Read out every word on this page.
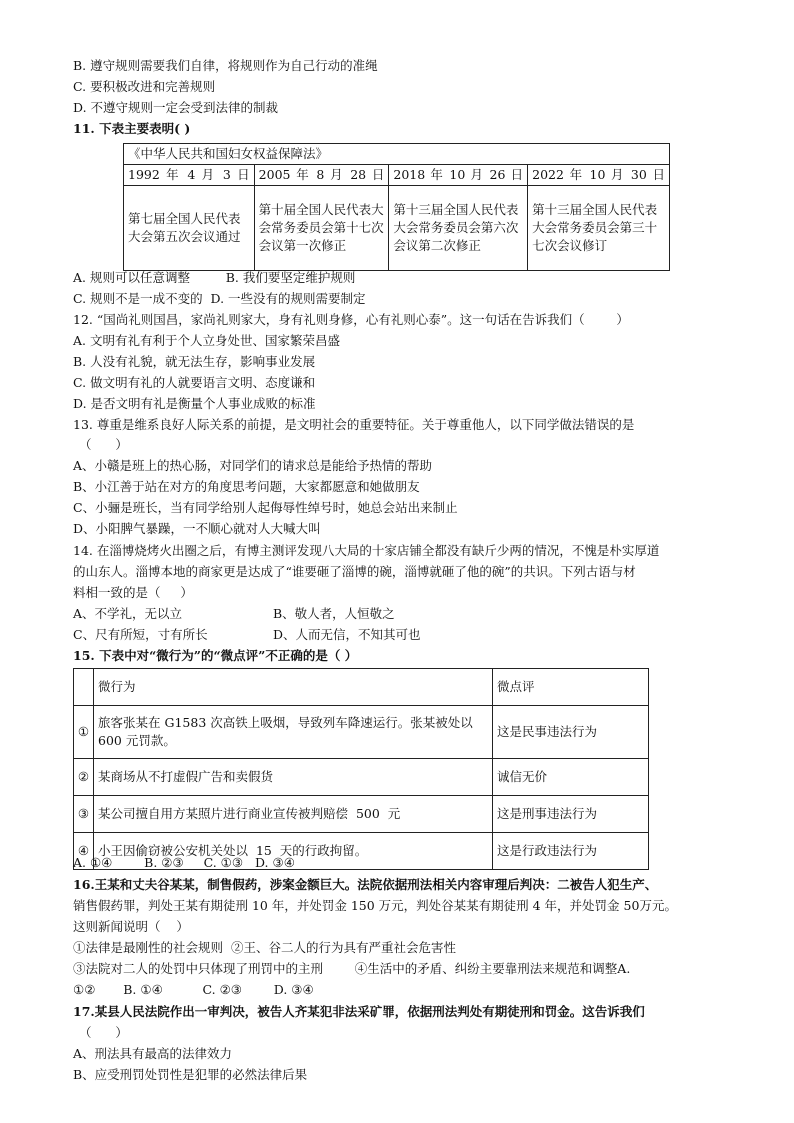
B. 遵守规则需要我们自律，将规则作为自己行动的准绳
C. 要积极改进和完善规则
D. 不遵守规则一定会受到法律的制裁
11. 下表主要表明( )
《中华人民共和国妇女权益保障法》			
1992 年 4 月 3 日	2005 年 8 月 28 日	2018 年 10 月 26 日	2022 年 10 月 30 日
第七届全国人民代表大会第五次会议通过	第十届全国人民代表大会常务委员会第十七次会议第一次修正	第十三届全国人民代表大会常务委员会第六次会议第二次修正	第十三届全国人民代表大会常务委员会第三十七次会议修订
A. 规则可以任意调整         B. 我们要坚定维护规则
C. 规则不是一成不变的  D. 一些没有的规则需要制定
12. “国尚礼则国昌，家尚礼则家大，身有礼则身修，心有礼则心泰”。这一句话在告诉我们（        ）
A. 文明有礼有利于个人立身处世、国家繁荣昌盛
B. 人没有礼貌，就无法生存，影响事业发展
C. 做文明有礼的人就要语言文明、态度谦和
D. 是否文明有礼是衡量个人事业成败的标准
13. 尊重是维系良好人际关系的前提，是文明社会的重要特征。关于尊重他人，以下同学做法错误的是
（      ）
A、小赣是班上的热心肠，对同学们的请求总是能给予热情的帮助
B、小江善于站在对方的角度思考问题，大家都愿意和她做朋友
C、小骊是班长，当有同学给别人起侮辱性绰号时，她总会站出来制止
D、小阳脾气暴躁，一不顺心就对人大喊大叫
14. 在淄博烧烤火出圈之后，有博主测评发现八大局的十家店铺全都没有缺斤少两的情况，不愧是朴实厚道
的山东人。淄博本地的商家更是达成了“谁要砸了淄博的碗，淄博就砸了他的碗”的共识。下列古语与材
料相一致的是（     ）
A、不学礼，无以立	B、敬人者，人恒敬之
C、尺有所短，寸有所长	D、人而无信，不知其可也
15. 下表中对“微行为”的“微点评”不正确的是（ ）
	微行为	微点评
①	旅客张某在 G1583 次高铁上吸烟，导致列车降速运行。张某被处以 600 元罚款。	这是民事违法行为
②	某商场从不打虚假广告和卖假货	诚信无价
③	某公司擅自用方某照片进行商业宣传被判赔偿  500  元	这是刑事违法行为
④	小王因偷窃被公安机关处以  15  天的行政拘留。	这是行政违法行为
A. ①④        B. ②③     C. ①③   D. ③④
16.王某和丈夫谷某某，制售假药，涉案金额巨大。法院依据刑法相关内容审理后判决：二被告人犯生产、
销售假药罪，判处王某有期徒刑 10 年，并处罚金 150 万元，判处谷某某有期徒刑 4 年，并处罚金 50万元。
这则新闻说明（    ）
①法律是最刚性的社会规则  ②王、谷二人的行为具有严重社会危害性
③法院对二人的处罚中只体现了刑罚中的主刑        ④生活中的矛盾、纠纷主要靠刑法来规范和调整A.
①②       B. ①④          C. ②③        D. ③④
17.某县人民法院作出一审判决，被告人齐某犯非法采矿罪，依据刑法判处有期徒刑和罚金。这告诉我们
（      ）
A、刑法具有最高的法律效力
B、应受刑罚处罚性是犯罪的必然法律后果
